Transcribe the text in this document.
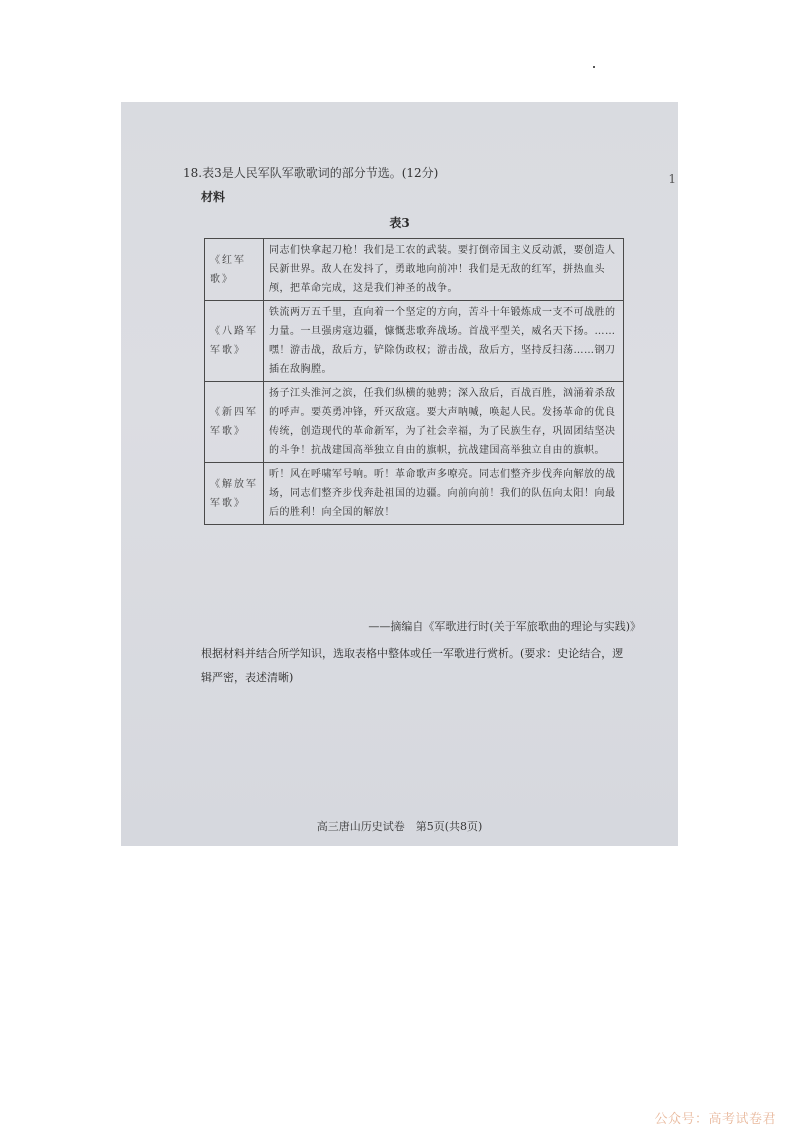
1
18.表3是人民军队军歌歌词的部分节选。(12分)
材料
表3
《红军歌》	同志们快拿起刀枪！我们是工农的武装。要打倒帝国主义反动派，要创造人民新世界。敌人在发抖了，勇敢地向前冲！我们是无敌的红军，拼热血头颅，把革命完成，这是我们神圣的战争。
《八路军军歌》	铁流两万五千里，直向着一个坚定的方向，苦斗十年锻炼成一支不可战胜的力量。一旦强虏寇边疆，慷慨悲歌奔战场。首战平型关，威名天下扬。……嘿！游击战，敌后方，铲除伪政权；游击战，敌后方，坚持反扫荡……钢刀插在敌胸膛。
《新四军军歌》	扬子江头淮河之滨，任我们纵横的驰骋；深入敌后，百战百胜，汹涌着杀敌的呼声。要英勇冲锋，歼灭敌寇。要大声呐喊，唤起人民。发扬革命的优良传统，创造现代的革命新军，为了社会幸福，为了民族生存，巩固团结坚决的斗争！抗战建国高举独立自由的旗帜，抗战建国高举独立自由的旗帜。
《解放军军歌》	听！风在呼啸军号响。听！革命歌声多嘹亮。同志们整齐步伐奔向解放的战场，同志们整齐步伐奔赴祖国的边疆。向前向前！我们的队伍向太阳！向最后的胜利！向全国的解放！
——摘编自《军歌进行时(关于军旅歌曲的理论与实践)》
根据材料并结合所学知识，选取表格中整体或任一军歌进行赏析。(要求：史论结合，逻辑严密，表述清晰)
高三唐山历史试卷　第5页(共8页)
公众号：高考试卷君
